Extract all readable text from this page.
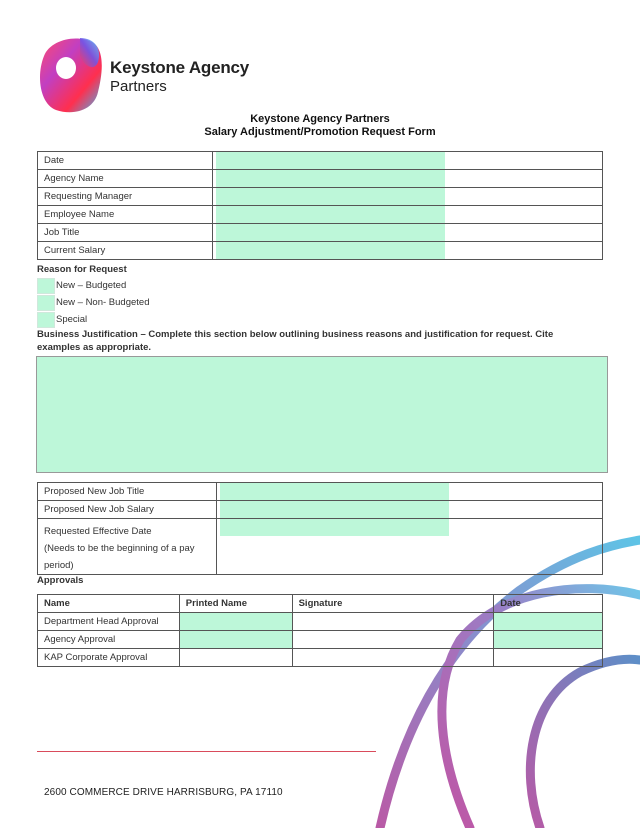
Keystone Agency
Partners
Keystone Agency Partners
Salary Adjustment/Promotion Request Form
Date	

Agency Name	

Requesting Manager	

Employee Name	

Job Title	

Current Salary	
Reason for Request
New – Budgeted
New – Non- Budgeted
Special
Business Justification – Complete this section below outlining business reasons and justification for request. Cite examples as appropriate.
Proposed New Job Title	

Proposed New Job Salary	

Requested Effective Date
(Needs to be the beginning of a pay
period)	

Approvals
Name	Printed Name	Signature	Date
Department Head Approval			
Agency Approval			
KAP Corporate Approval			
2600 COMMERCE DRIVE HARRISBURG, PA 17110
